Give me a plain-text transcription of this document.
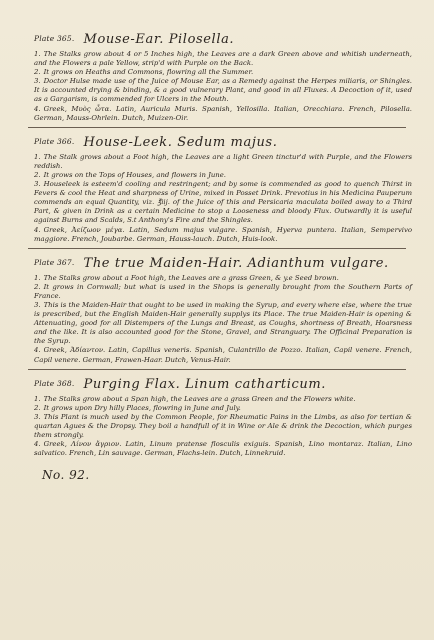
Plate 365. Mouse-Ear. Pilosella.

1. The Stalks grow about 4 or 5 Inches high, the Leaves are a dark Green above and whitish underneath, and the Flowers a pale Yellow, strip'd with Purple on the Back.

2. It grows on Heaths and Commons, flowring all the Summer.

3. Doctor Hulse made use of the Juice of Mouse Ear, as a Remedy against the Herpes miliaris, or Shingles. It is accounted drying & binding, & a good vulnerary Plant, and good in all Fluxes. A Decoction of it, used as a Gargarism, is commended for Ulcers in the Mouth.

4. Greek, Μυὸς ὦτα. Latin, Auricula Muris. Spanish, Yellosilla. Italian, Orecchiara. French, Pilosella. German, Mauss-Ohrlein. Dutch, Muizen-Oir.

Plate 366. House-Leek. Sedum majus.

1. The Stalk grows about a Foot high, the Leaves are a light Green tinctur'd with Purple, and the Flowers reddish.

2. It grows on the Tops of Houses, and flowers in June.

3. Houseleek is esteem'd cooling and restringent; and by some is commended as good to quench Thirst in Fevers & cool the Heat and sharpness of Urine, mixed in Posset Drink. Prevotius in his Medicina Pauperum commends an equal Quantity, viz. ℥iij. of the Juice of this and Persicaria maculata boiled away to a Third Part, & given in Drink as a certain Medicine to stop a Looseness and bloody Flux. Outwardly it is useful against Burns and Scalds, S.t Anthony's Fire and the Shingles.

4. Greek, Ἀείζωον μέγα. Latin, Sedum majus vulgare. Spanish, Hyerva puntera. Italian, Sempervivo maggiore. French, Joubarbe. German, Hauss-lauch. Dutch, Huis-look.

Plate 367. The true Maiden-Hair. Adianthum vulgare.

1. The Stalks grow about a Foot high, the Leaves are a grass Green, & y.e Seed brown.

2. It grows in Cornwall; but what is used in the Shops is generally brought from the Southern Parts of France.

3. This is the Maiden-Hair that ought to be used in making the Syrup, and every where else, where the true is prescribed, but the English Maiden-Hair generally supplys its Place. The true Maiden-Hair is opening & Attenuating, good for all Distempers of the Lungs and Breast, as Coughs, shortness of Breath, Hoarsness and the like. It is also accounted good for the Stone, Gravel, and Stranguary. The Officinal Preparation is the Syrup.

4. Greek, Ἀδίαντον. Latin, Capillus veneris. Spanish, Culantrillo de Pozzo. Italian, Capil venere. French, Capil venere. German, Frawen-Haar. Dutch, Venus-Hair.

Plate 368. Purging Flax. Linum catharticum.

1. The Stalks grow about a Span high, the Leaves are a grass Green and the Flowers white.

2. It grows upon Dry hilly Places, flowring in June and July.

3. This Plant is much used by the Common People, for Rheumatic Pains in the Limbs, as also for tertian & quartan Agues & the Dropsy. They boil a handfull of it in Wine or Ale & drink the Decoction, which purges them strongly.

4. Greek, Λίνον ἄγριον. Latin, Linum pratense flosculis exiguis. Spanish, Lino montaraz. Italian, Lino salvatico. French, Lin sauvage. German, Flachs-lein. Dutch, Linnekruid.

No. 92.
